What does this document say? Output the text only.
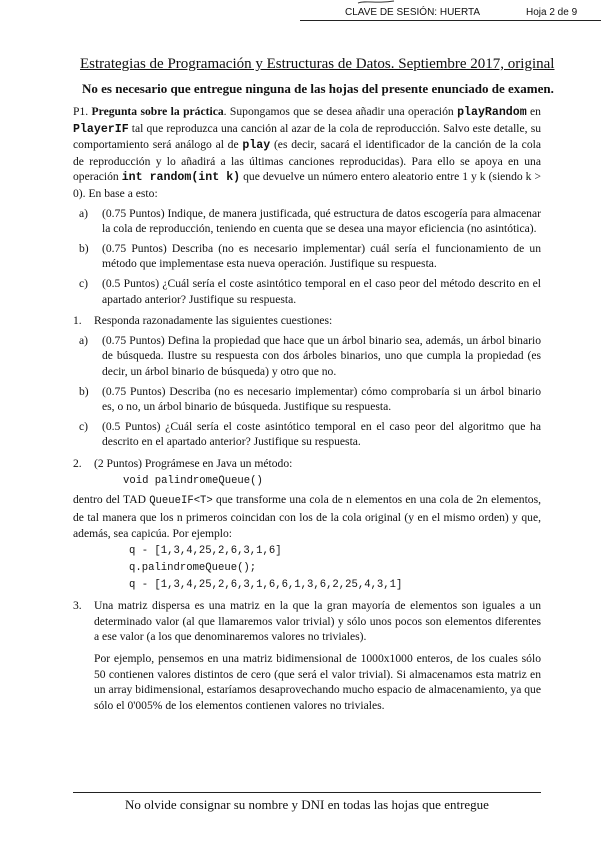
CLAVE DE SESIÓN: HUERTA	Hoja 2 de 9
Estrategias de Programación y Estructuras de Datos. Septiembre 2017, original
No es necesario que entregue ninguna de las hojas del presente enunciado de examen.

P1. Pregunta sobre la práctica. Supongamos que se desea añadir una operación playRandom en PlayerIF tal que reproduzca una canción al azar de la cola de reproducción. Salvo este detalle, su comportamiento será análogo al de play (es decir, sacará el identificador de la canción de la cola de reproducción y lo añadirá a las últimas canciones reproducidas). Para ello se apoya en una operación int random(int k) que devuelve un número entero aleatorio entre 1 y k (siendo k > 0). En base a esto:

a)	(0.75 Puntos) Indique, de manera justificada, qué estructura de datos escogería para almacenar la cola de reproducción, teniendo en cuenta que se desea una mayor eficiencia (no asintótica).
b)	(0.75 Puntos) Describa (no es necesario implementar) cuál sería el funcionamiento de un método que implementase esta nueva operación. Justifique su respuesta.
c)	(0.5 Puntos) ¿Cuál sería el coste asintótico temporal en el caso peor del método descrito en el apartado anterior? Justifique su respuesta.
1.	Responda razonadamente las siguientes cuestiones:
a)	(0.75 Puntos) Defina la propiedad que hace que un árbol binario sea, además, un árbol binario de búsqueda. Ilustre su respuesta con dos árboles binarios, uno que cumpla la propiedad (es decir, un árbol binario de búsqueda) y otro que no.
b)	(0.75 Puntos) Describa (no es necesario implementar) cómo comprobaría si un árbol binario es, o no, un árbol binario de búsqueda. Justifique su respuesta.
c)	(0.5 Puntos) ¿Cuál sería el coste asintótico temporal en el caso peor del algoritmo que ha descrito en el apartado anterior? Justifique su respuesta.
2.	(2 Puntos) Prográmese en Java un método:
void palindromeQueue()

dentro del TAD QueueIF<T> que transforme una cola de n elementos en una cola de 2n elementos, de tal manera que los n primeros coincidan con los de la cola original (y en el mismo orden) y que, además, sea capicúa. Por ejemplo:

q - [1,3,4,25,2,6,3,1,6]
q.palindromeQueue();
q - [1,3,4,25,2,6,3,1,6,6,1,3,6,2,25,4,3,1]
3.	Una matriz dispersa es una matriz en la que la gran mayoría de elementos son iguales a un determinado valor (al que llamaremos valor trivial) y sólo unos pocos son elementos diferentes a ese valor (a los que denominaremos valores no triviales).
Por ejemplo, pensemos en una matriz bidimensional de 1000x1000 enteros, de los cuales sólo 50 contienen valores distintos de cero (que será el valor trivial). Si almacenamos esta matriz en un array bidimensional, estaríamos desaprovechando mucho espacio de almacenamiento, ya que sólo el 0'005% de los elementos contienen valores no triviales.
No olvide consignar su nombre y DNI en todas las hojas que entregue
